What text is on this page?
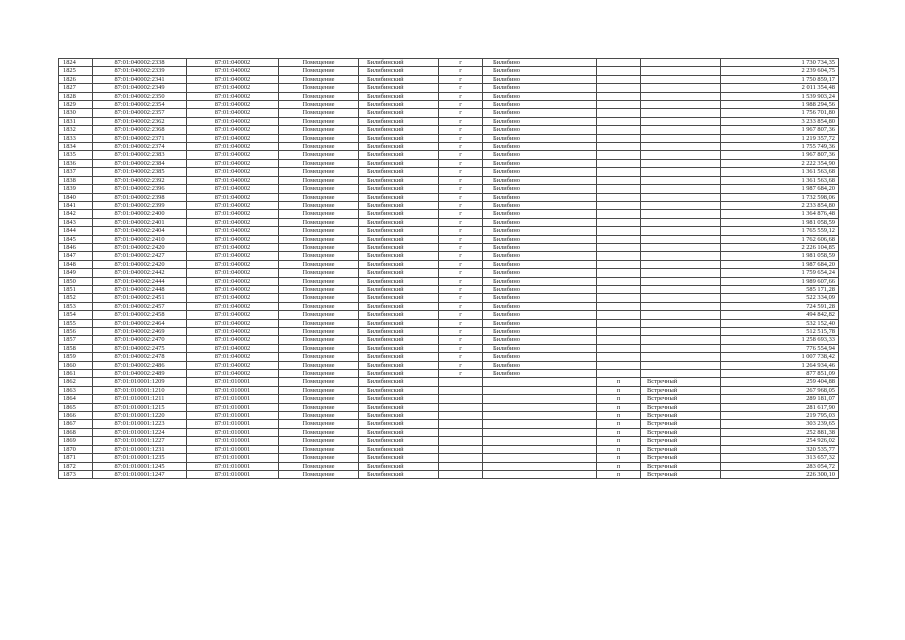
1824	87:01:040002:2338	87:01:040002	Помещение	Билибинский	г	Билибино			1 730 734,35
1825	87:01:040002:2339	87:01:040002	Помещение	Билибинский	г	Билибино			2 239 604,75
1826	87:01:040002:2341	87:01:040002	Помещение	Билибинский	г	Билибино			1 750 859,17
1827	87:01:040002:2349	87:01:040002	Помещение	Билибинский	г	Билибино			2 011 354,48
1828	87:01:040002:2350	87:01:040002	Помещение	Билибинский	г	Билибино			1 539 903,24
1829	87:01:040002:2354	87:01:040002	Помещение	Билибинский	г	Билибино			1 988 294,56
1830	87:01:040002:2357	87:01:040002	Помещение	Билибинский	г	Билибино			1 756 701,80
1831	87:01:040002:2362	87:01:040002	Помещение	Билибинский	г	Билибино			3 233 854,80
1832	87:01:040002:2368	87:01:040002	Помещение	Билибинский	г	Билибино			1 967 807,36
1833	87:01:040002:2371	87:01:040002	Помещение	Билибинский	г	Билибино			1 219 357,72
1834	87:01:040002:2374	87:01:040002	Помещение	Билибинский	г	Билибино			1 755 749,36
1835	87:01:040002:2383	87:01:040002	Помещение	Билибинский	г	Билибино			1 967 807,36
1836	87:01:040002:2384	87:01:040002	Помещение	Билибинский	г	Билибино			2 222 354,90
1837	87:01:040002:2385	87:01:040002	Помещение	Билибинский	г	Билибино			1 361 563,68
1838	87:01:040002:2392	87:01:040002	Помещение	Билибинский	г	Билибино			1 361 563,68
1839	87:01:040002:2396	87:01:040002	Помещение	Билибинский	г	Билибино			1 987 684,20
1840	87:01:040002:2398	87:01:040002	Помещение	Билибинский	г	Билибино			1 732 598,06
1841	87:01:040002:2399	87:01:040002	Помещение	Билибинский	г	Билибино			2 233 854,80
1842	87:01:040002:2400	87:01:040002	Помещение	Билибинский	г	Билибино			1 364 876,48
1843	87:01:040002:2401	87:01:040002	Помещение	Билибинский	г	Билибино			1 981 058,59
1844	87:01:040002:2404	87:01:040002	Помещение	Билибинский	г	Билибино			1 765 559,12
1845	87:01:040002:2410	87:01:040002	Помещение	Билибинский	г	Билибино			1 762 606,68
1846	87:01:040002:2420	87:01:040002	Помещение	Билибинский	г	Билибино			2 226 104,85
1847	87:01:040002:2427	87:01:040002	Помещение	Билибинский	г	Билибино			1 981 058,59
1848	87:01:040002:2420	87:01:040002	Помещение	Билибинский	г	Билибино			1 987 684,20
1849	87:01:040002:2442	87:01:040002	Помещение	Билибинский	г	Билибино			1 759 654,24
1850	87:01:040002:2444	87:01:040002	Помещение	Билибинский	г	Билибино			1 989 607,66
1851	87:01:040002:2448	87:01:040002	Помещение	Билибинский	г	Билибино			585 171,28
1852	87:01:040002:2451	87:01:040002	Помещение	Билибинский	г	Билибино			522 334,09
1853	87:01:040002:2457	87:01:040002	Помещение	Билибинский	г	Билибино			724 591,28
1854	87:01:040002:2458	87:01:040002	Помещение	Билибинский	г	Билибино			494 842,82
1855	87:01:040002:2464	87:01:040002	Помещение	Билибинский	г	Билибино			532 152,40
1856	87:01:040002:2469	87:01:040002	Помещение	Билибинский	г	Билибино			512 515,78
1857	87:01:040002:2470	87:01:040002	Помещение	Билибинский	г	Билибино			1 258 693,33
1858	87:01:040002:2475	87:01:040002	Помещение	Билибинский	г	Билибино			776 554,94
1859	87:01:040002:2478	87:01:040002	Помещение	Билибинский	г	Билибино			1 007 738,42
1860	87:01:040002:2486	87:01:040002	Помещение	Билибинский	г	Билибино			1 264 934,46
1861	87:01:040002:2489	87:01:040002	Помещение	Билибинский	г	Билибино			877 851,09
1862	87:01:010001:1209	87:01:010001	Помещение	Билибинский			п	Встречный	259 404,88
1863	87:01:010001:1210	87:01:010001	Помещение	Билибинский			п	Встречный	267 968,05
1864	87:01:010001:1211	87:01:010001	Помещение	Билибинский			п	Встречный	289 181,07
1865	87:01:010001:1215	87:01:010001	Помещение	Билибинский			п	Встречный	281 617,90
1866	87:01:010001:1220	87:01:010001	Помещение	Билибинский			п	Встречный	219 795,03
1867	87:01:010001:1223	87:01:010001	Помещение	Билибинский			п	Встречный	303 239,65
1868	87:01:010001:1224	87:01:010001	Помещение	Билибинский			п	Встречный	252 881,38
1869	87:01:010001:1227	87:01:010001	Помещение	Билибинский			п	Встречный	254 926,02
1870	87:01:010001:1231	87:01:010001	Помещение	Билибинский			п	Встречный	320 535,77
1871	87:01:010001:1235	87:01:010001	Помещение	Билибинский			п	Встречный	313 657,32
1872	87:01:010001:1245	87:01:010001	Помещение	Билибинский			п	Встречный	283 054,72
1873	87:01:010001:1247	87:01:010001	Помещение	Билибинский			п	Встречный	226 300,10
